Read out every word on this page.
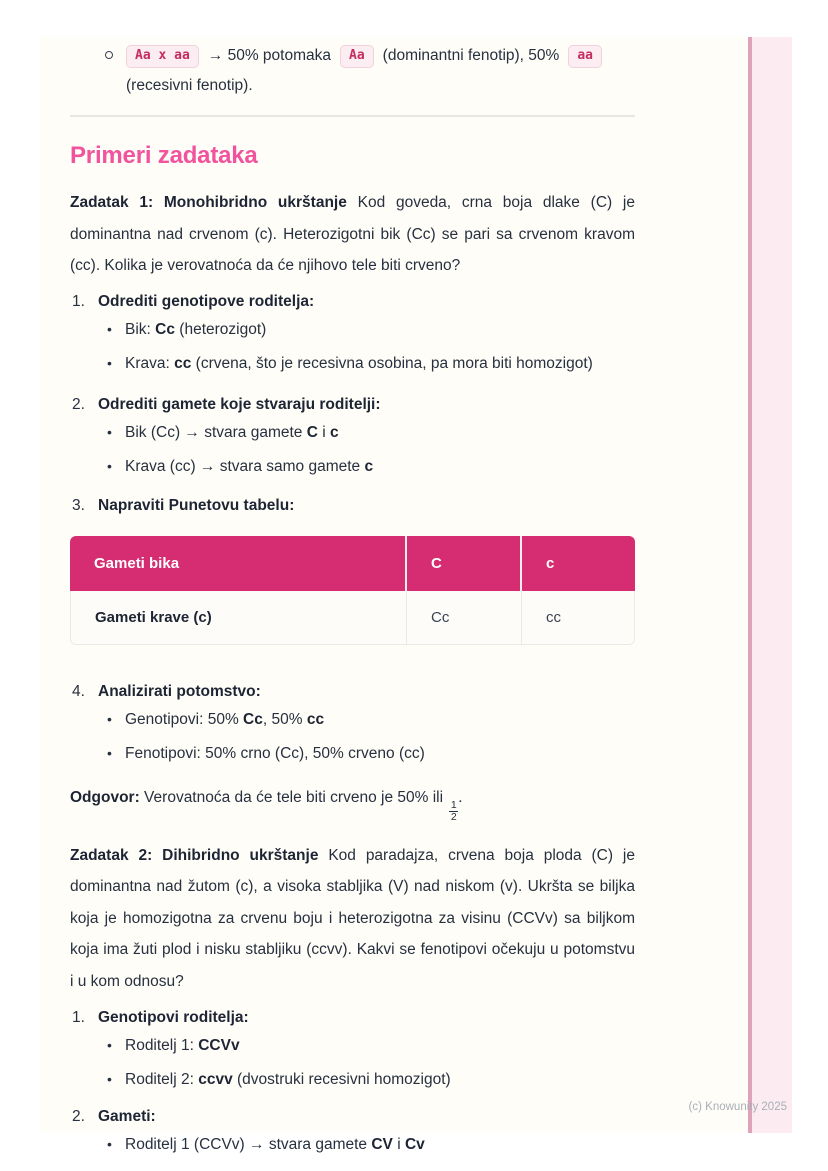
(c) Knowunity 2025
Aa x aa	→ 50% potomaka	Aa	(dominantni fenotip), 50%	aa
(recesivni fenotip).
Primeri zadataka

Zadatak 1: Monohibridno ukrštanje Kod goveda, crna boja dlake (C) je dominantna nad crvenom (c). Heterozigotni bik (Cc) se pari sa crvenom kravom (cc). Kolika je verovatnoća da će njihovo tele biti crveno?

1. Odrediti genotipove roditelja:
• Bik: Cc (heterozigot)
• Krava: cc (crvena, što je recesivna osobina, pa mora biti homozigot)
2. Odrediti gamete koje stvaraju roditelji:
• Bik (Cc) → stvara gamete C i c
• Krava (cc) → stvara samo gamete c
3. Napraviti Punetovu tabelu:
Gameti bika	C	c
Gameti krave (c)	Cc	cc
4. Analizirati potomstvo:
• Genotipovi: 50% Cc, 50% cc
• Fenotipovi: 50% crno (Cc), 50% crveno (cc)

Odgovor: Verovatnoća da će tele biti crveno je 50% ili
$\frac{1}{2}$
.

Zadatak 2: Dihibridno ukrštanje Kod paradajza, crvena boja ploda (C) je dominantna nad žutom (c), a visoka stabljika (V) nad niskom (v). Ukršta se biljka koja je homozigotna za crvenu boju i heterozigotna za visinu (CCVv) sa biljkom koja ima žuti plod i nisku stabljiku (ccvv). Kakvi se fenotipovi očekuju u potomstvu i u kom odnosu?

1. Genotipovi roditelja:
• Roditelj 1: CCVv
• Roditelj 2: ccvv (dvostruki recesivni homozigot)
2. Gameti:
• Roditelj 1 (CCVv) → stvara gamete CV i Cv
